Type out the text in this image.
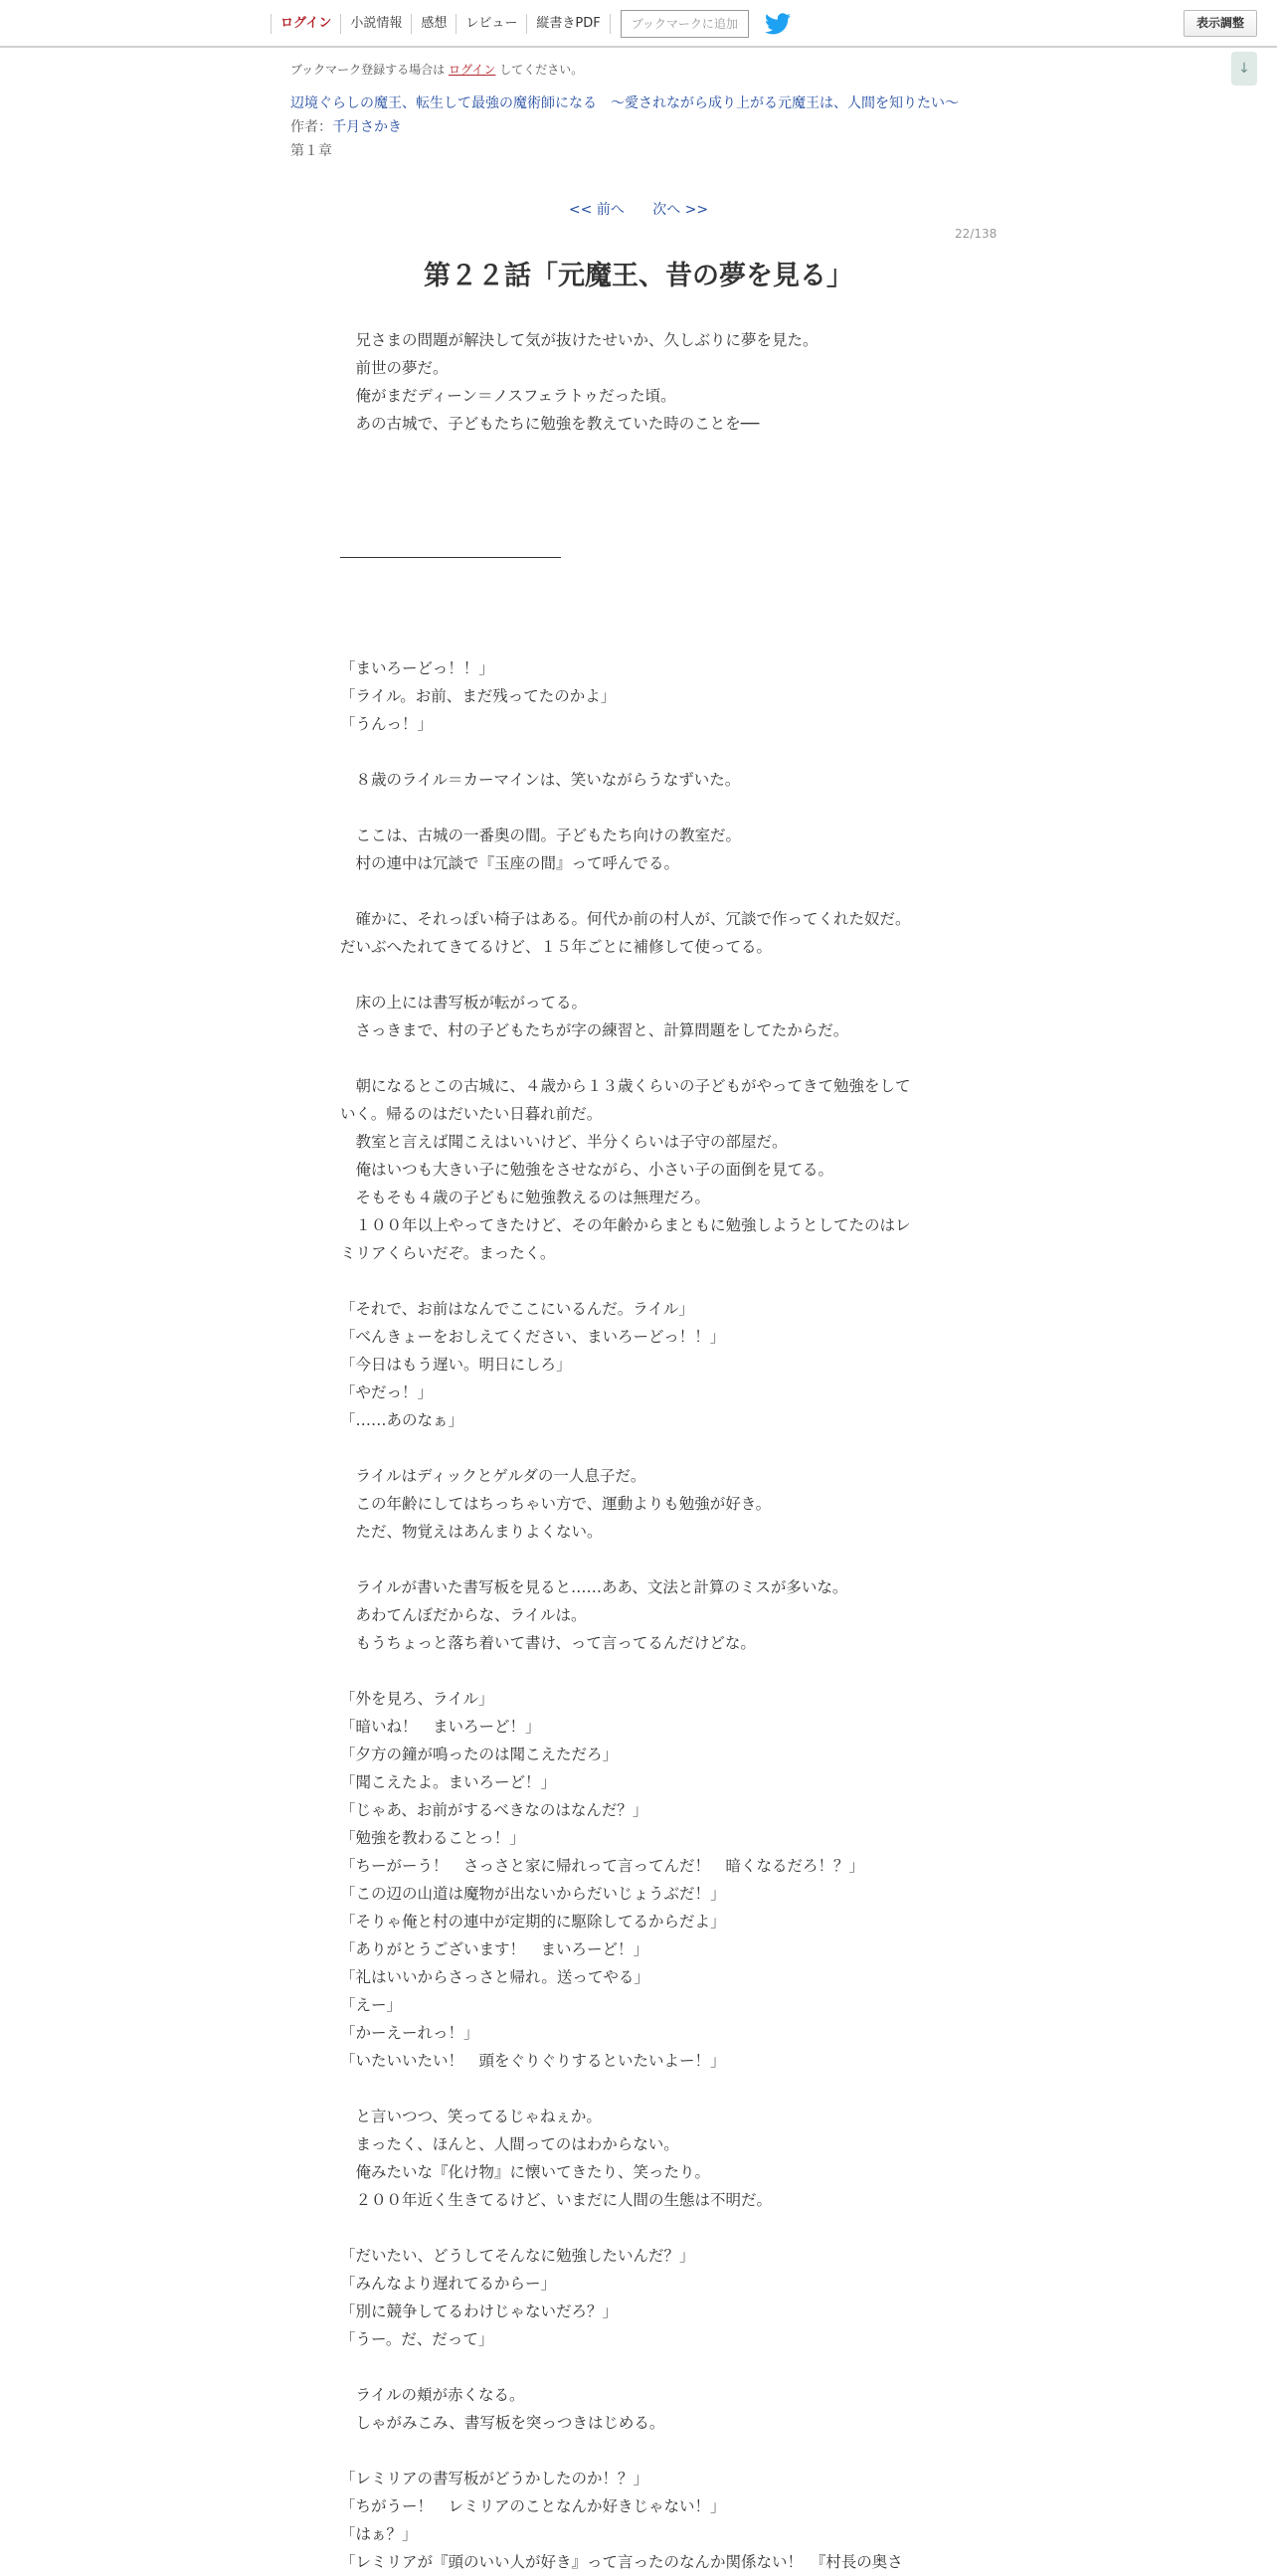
ログイン	小説情報	感想	レビュー	縦書きPDF	ブックマークに追加	表示調整
↓
ブックマーク登録する場合は ログイン してください。
辺境ぐらしの魔王、転生して最強の魔術師になる　〜愛されながら成り上がる元魔王は、人間を知りたい〜
作者：千月さかき
第１章
<< 前へ 次へ >>
22/138
第２２話「元魔王、昔の夢を見る」
　兄さまの問題が解決して気が抜けたせいか、久しぶりに夢を見た。
　前世の夢だ。
　俺がまだディーン＝ノスフェラトゥだった頃。
　あの古城で、子どもたちに勉強を教えていた時のことを──
「まいろーどっ！！」
「ライル。お前、まだ残ってたのかよ」
「うんっ！」
　８歳のライル＝カーマインは、笑いながらうなずいた。
　ここは、古城の一番奥の間。子どもたち向けの教室だ。
　村の連中は冗談で『玉座の間』って呼んでる。
　確かに、それっぽい椅子はある。何代か前の村人が、冗談で作ってくれた奴だ。
だいぶへたれてきてるけど、１５年ごとに補修して使ってる。
　床の上には書写板が転がってる。
　さっきまで、村の子どもたちが字の練習と、計算問題をしてたからだ。
　朝になるとこの古城に、４歳から１３歳くらいの子どもがやってきて勉強をして
いく。帰るのはだいたい日暮れ前だ。
　教室と言えば聞こえはいいけど、半分くらいは子守の部屋だ。
　俺はいつも大きい子に勉強をさせながら、小さい子の面倒を見てる。
　そもそも４歳の子どもに勉強教えるのは無理だろ。
　１００年以上やってきたけど、その年齢からまともに勉強しようとしてたのはレ
ミリアくらいだぞ。まったく。
「それで、お前はなんでここにいるんだ。ライル」
「べんきょーをおしえてください、まいろーどっ！！」
「今日はもう遅い。明日にしろ」
「やだっ！」
「……あのなぁ」
　ライルはディックとゲルダの一人息子だ。
　この年齢にしてはちっちゃい方で、運動よりも勉強が好き。
　ただ、物覚えはあんまりよくない。
　ライルが書いた書写板を見ると……ああ、文法と計算のミスが多いな。
　あわてんぼだからな、ライルは。
　もうちょっと落ち着いて書け、って言ってるんだけどな。
「外を見ろ、ライル」
「暗いね！　まいろーど！」
「夕方の鐘が鳴ったのは聞こえただろ」
「聞こえたよ。まいろーど！」
「じゃあ、お前がするべきなのはなんだ？」
「勉強を教わることっ！」
「ちーがーう！　さっさと家に帰れって言ってんだ！　暗くなるだろ！？」
「この辺の山道は魔物が出ないからだいじょうぶだ！」
「そりゃ俺と村の連中が定期的に駆除してるからだよ」
「ありがとうございます！　まいろーど！」
「礼はいいからさっさと帰れ。送ってやる」
「えー」
「かーえーれっ！」
「いたいいたい！　頭をぐりぐりするといたいよー！」
　と言いつつ、笑ってるじゃねぇか。
　まったく、ほんと、人間ってのはわからない。
　俺みたいな『化け物』に懐いてきたり、笑ったり。
　２００年近く生きてるけど、いまだに人間の生態は不明だ。
「だいたい、どうしてそんなに勉強したいんだ？」
「みんなより遅れてるからー」
「別に競争してるわけじゃないだろ？」
「うー。だ、だって」
　ライルの頬が赤くなる。
　しゃがみこみ、書写板を突っつきはじめる。
「レミリアの書写板がどうかしたのか！？」
「ちがうー！　レミリアのことなんか好きじゃない！」
「はぁ？」
「レミリアが『頭のいい人が好き』って言ったのなんか関係ない！　『村長の奥さ
